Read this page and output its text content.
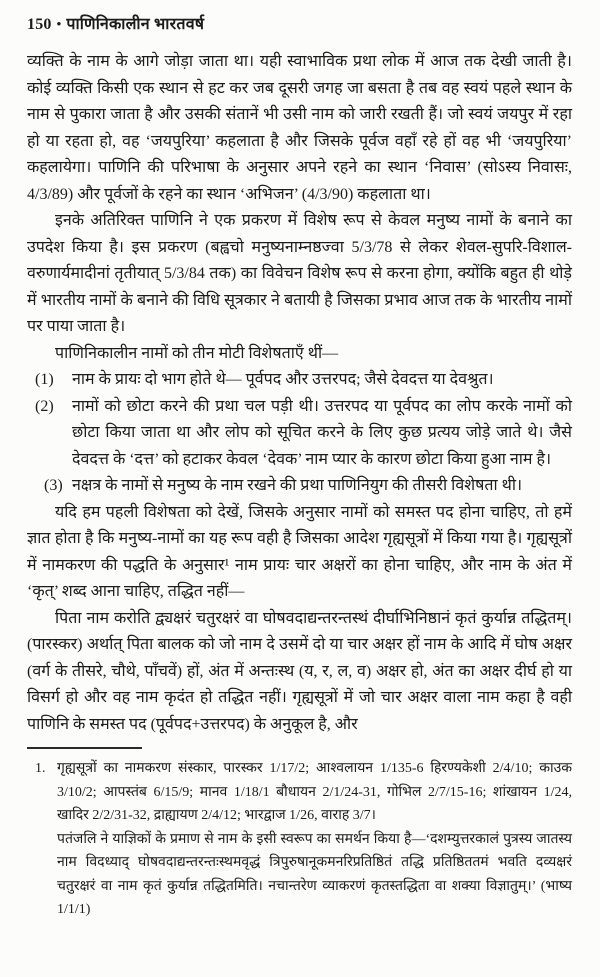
150 • पाणिनिकालीन भारतवर्ष

व्यक्ति के नाम के आगे जोड़ा जाता था। यही स्वाभाविक प्रथा लोक में आज तक देखी जाती है। कोई व्यक्ति किसी एक स्थान से हट कर जब दूसरी जगह जा बसता है तब वह स्वयं पहले स्थान के नाम से पुकारा जाता है और उसकी संतानें भी उसी नाम को जारी रखती हैं। जो स्वयं जयपुर में रहा हो या रहता हो, वह ‘जयपुरिया’ कहलाता है और जिसके पूर्वज वहाँ रहे हों वह भी ‘जयपुरिया’ कहलायेगा। पाणिनि की परिभाषा के अनुसार अपने रहने का स्थान ‘निवास’ (सोऽस्य निवासः, 4/3/89) और पूर्वजों के रहने का स्थान ‘अभिजन’ (4/3/90) कहलाता था।

इनके अतिरिक्त पाणिनि ने एक प्रकरण में विशेष रूप से केवल मनुष्य नामों के बनाने का उपदेश किया है। इस प्रकरण (बह्वचो मनुष्यनाम्नष्ठज्वा 5/3/78 से लेकर शेवल-सुपरि-विशाल-वरुणार्यमादीनां तृतीयात् 5/3/84 तक) का विवेचन विशेष रूप से करना होगा, क्योंकि बहुत ही थोड़े में भारतीय नामों के बनाने की विधि सूत्रकार ने बतायी है जिसका प्रभाव आज तक के भारतीय नामों पर पाया जाता है।

पाणिनिकालीन नामों को तीन मोटी विशेषताएँ थीं—

(1) नाम के प्रायः दो भाग होते थे— पूर्वपद और उत्तरपद; जैसे देवदत्त या देवश्रुत।
(2) नामों को छोटा करने की प्रथा चल पड़ी थी। उत्तरपद या पूर्वपद का लोप करके नामों को छोटा किया जाता था और लोप को सूचित करने के लिए कुछ प्रत्यय जोड़े जाते थे। जैसे देवदत्त के ‘दत्त’ को हटाकर केवल ‘देवक’ नाम प्यार के कारण छोटा किया हुआ नाम है।
(3) नक्षत्र के नामों से मनुष्य के नाम रखने की प्रथा पाणिनियुग की तीसरी विशेषता थी।

यदि हम पहली विशेषता को देखें, जिसके अनुसार नामों को समस्त पद होना चाहिए, तो हमें ज्ञात होता है कि मनुष्य-नामों का यह रूप वही है जिसका आदेश गृह्यसूत्रों में किया गया है। गृह्यसूत्रों में नामकरण की पद्धति के अनुसार¹ नाम प्रायः चार अक्षरों का होना चाहिए, और नाम के अंत में ‘कृत्’ शब्द आना चाहिए, तद्धित नहीं—

पिता नाम करोति द्व्यक्षरं चतुरक्षरं वा घोषवदाद्यन्तरन्तस्थं दीर्घाभिनिष्ठानं कृतं कुर्यान्न तद्धितम्। (पारस्कर) अर्थात् पिता बालक को जो नाम दे उसमें दो या चार अक्षर हों नाम के आदि में घोष अक्षर (वर्ग के तीसरे, चौथे, पाँचवें) हों, अंत में अन्तःस्थ (य, र, ल, व) अक्षर हो, अंत का अक्षर दीर्घ हो या विसर्ग हो और वह नाम कृदंत हो तद्धित नहीं। गृह्यसूत्रों में जो चार अक्षर वाला नाम कहा है वही पाणिनि के समस्त पद (पूर्वपद+उत्तरपद) के अनुकूल है, और

1. गृह्यसूत्रों का नामकरण संस्कार, पारस्कर 1/17/2; आश्वलायन 1/135-6 हिरण्यकेशी 2/4/10; काउक 3/10/2; आपस्तंब 6/15/9; मानव 1/18/1 बौधायन 2/1/24-31, गोभिल 2/7/15-16; शांखायन 1/24, खादिर 2/2/31-32, द्राह्यायण 2/4/12; भारद्वाज 1/26, वाराह 3/7।

पतंजलि ने याज्ञिकों के प्रमाण से नाम के इसी स्वरूप का समर्थन किया है—‘दशम्युत्तरकालं पुत्रस्य जातस्य नाम विदध्याद् घोषवदाद्यन्तरन्तःस्थमवृद्धं त्रिपुरुषानूकमनरिप्रतिष्ठितं तद्धि प्रतिष्ठिततमं भवति दव्यक्षरं चतुरक्षरं वा नाम कृतं कुर्यान्न तद्धितमिति। नचान्तरेण व्याकरणं कृतस्तद्धिता वा शक्या विज्ञातुम्।’ (भाष्य 1/1/1)
